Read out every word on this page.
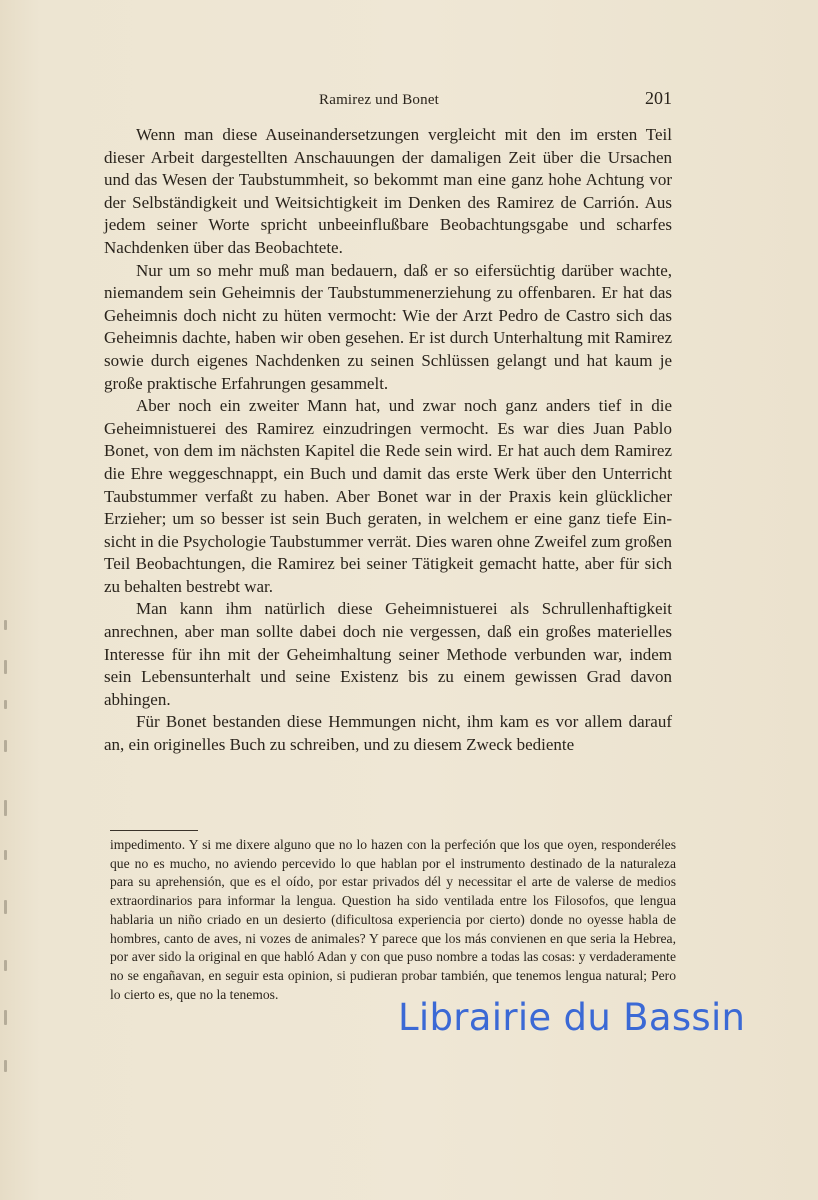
Ramirez und Bonet	201

Wenn man diese Auseinandersetzungen vergleicht mit den im ersten Teil dieser Arbeit dargestellten Anschauungen der damaligen Zeit über die Ursachen und das Wesen der Taubstummheit, so bekommt man eine ganz hohe Achtung vor der Selbständigkeit und Weitsichtigkeit im Denken des Ramirez de Carrión. Aus jedem seiner Worte spricht unbeeinflußbare Beobachtungsgabe und scharfes Nachdenken über das Beobachtete.

Nur um so mehr muß man bedauern, daß er so eifersüchtig darüber wachte, niemandem sein Geheimnis der Taubstummenerziehung zu offenbaren. Er hat das Geheimnis doch nicht zu hüten vermocht: Wie der Arzt Pedro de Castro sich das Geheimnis dachte, haben wir oben gesehen. Er ist durch Unterhaltung mit Ramirez sowie durch eigenes Nachdenken zu seinen Schlüssen gelangt und hat kaum je große praktische Erfahrungen gesammelt.

Aber noch ein zweiter Mann hat, und zwar noch ganz anders tief in die Geheimnistuerei des Ramirez einzudringen vermocht. Es war dies Juan Pablo Bonet, von dem im nächsten Kapitel die Rede sein wird. Er hat auch dem Ramirez die Ehre weggeschnappt, ein Buch und damit das erste Werk über den Unterricht Taubstummer verfaßt zu haben. Aber Bonet war in der Praxis kein glücklicher Erzieher; um so besser ist sein Buch geraten, in welchem er eine ganz tiefe Einsicht in die Psychologie Taubstummer verrät. Dies waren ohne Zweifel zum großen Teil Beobachtungen, die Ramirez bei seiner Tätigkeit gemacht hatte, aber für sich zu behalten bestrebt war.

Man kann ihm natürlich diese Geheimnistuerei als Schrullenhaftigkeit anrechnen, aber man sollte dabei doch nie vergessen, daß ein großes materielles Interesse für ihn mit der Geheimhaltung seiner Methode verbunden war, indem sein Lebensunterhalt und seine Existenz bis zu einem gewissen Grad davon abhingen.

Für Bonet bestanden diese Hemmungen nicht, ihm kam es vor allem darauf an, ein originelles Buch zu schreiben, und zu diesem Zweck bediente

impedimento. Y si me dixere alguno que no lo hazen con la perfeción que los que oyen, responderéles que no es mucho, no aviendo percevido lo que hablan por el instrumento destinado de la naturaleza para su aprehensión, que es el oído, por estar privados dél y necessitar el arte de valerse de medios extraordinarios para informar la lengua. Question ha sido ventilada entre los Filosofos, que lengua hablaria un niño criado en un desierto (dificultosa experiencia por cierto) donde no oyesse habla de hombres, canto de aves, ni vozes de animales? Y parece que los más convienen en que seria la Hebrea, por aver sido la original en que habló Adan y con que puso nombre a todas las cosas: y verdaderamente no se engañavan, en seguir esta opinion, si pudieran probar también, que tenemos lengua natural; Pero lo cierto es, que no la tenemos.

Librairie du Bassin
